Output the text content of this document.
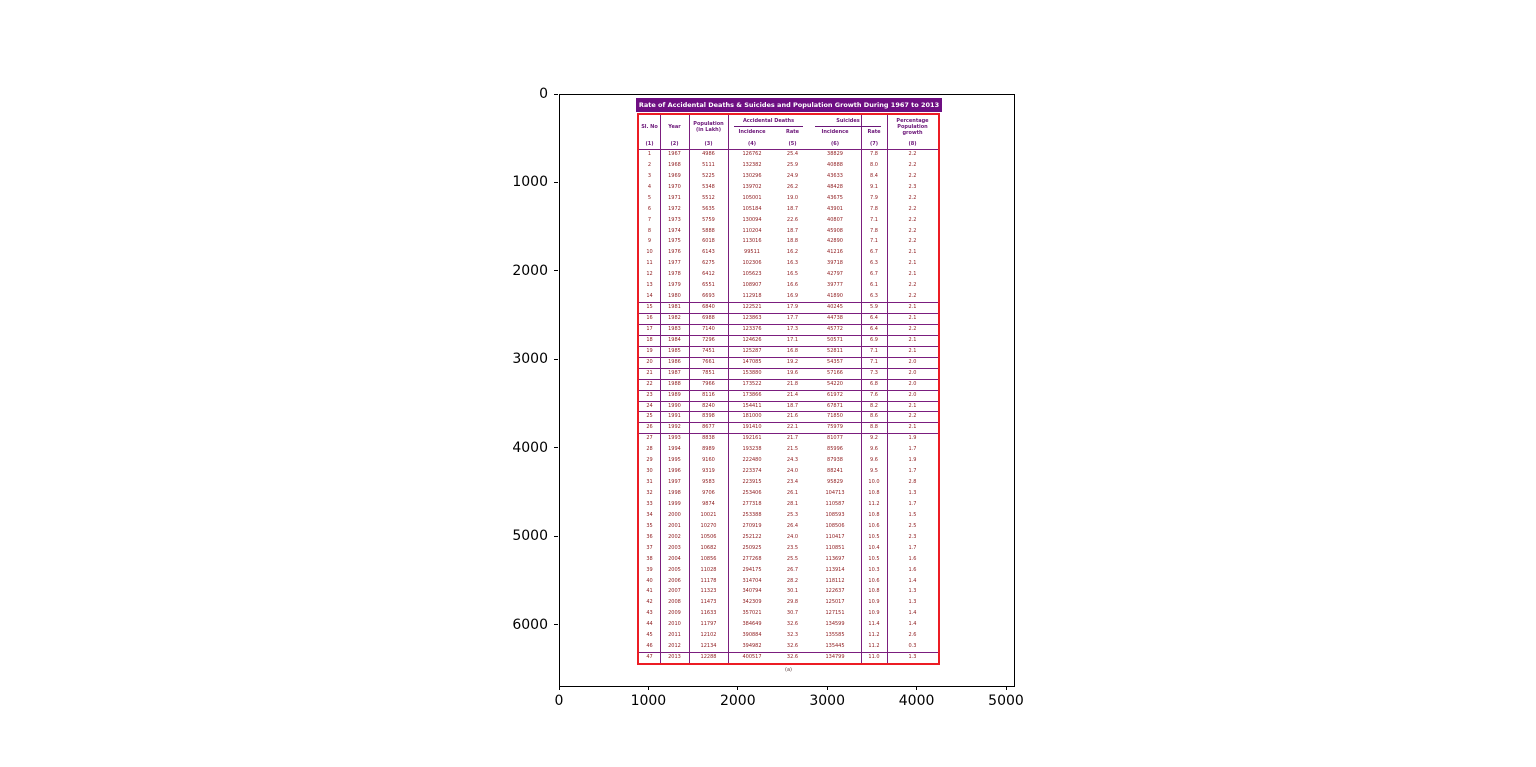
Rate of Accidental Deaths & Suicides and Population Growth During 1967 to 2013
Sl. No	Year	Population (in Lakh)
Accidental Deaths
Incidence	Rate
Suicides
Incidence	Rate
Percentage Population growth
(1)	(2)	(3)	(4)	(5)	(6)	(7)	(8)
1	1967	4986	126762	25.4	38829	7.8	2.2
2	1968	5111	132382	25.9	40888	8.0	2.2
3	1969	5225	130296	24.9	43633	8.4	2.2
4	1970	5348	139702	26.2	48428	9.1	2.3
5	1971	5512	105001	19.0	43675	7.9	2.2
6	1972	5635	105184	18.7	43901	7.8	2.2
7	1973	5759	130094	22.6	40807	7.1	2.2
8	1974	5888	110204	18.7	45908	7.8	2.2
9	1975	6018	113016	18.8	42890	7.1	2.2
10	1976	6143	99511	16.2	41216	6.7	2.1
11	1977	6275	102306	16.3	39718	6.3	2.1
12	1978	6412	105623	16.5	42797	6.7	2.1
13	1979	6551	108907	16.6	39777	6.1	2.2
14	1980	6693	112918	16.9	41890	6.3	2.2
15	1981	6840	122521	17.9	40245	5.9	2.1
16	1982	6988	123863	17.7	44738	6.4	2.1
17	1983	7140	123376	17.3	45772	6.4	2.2
18	1984	7296	124626	17.1	50571	6.9	2.1
19	1985	7451	125287	16.8	52811	7.1	2.1
20	1986	7661	147085	19.2	54357	7.1	2.0
21	1987	7851	153880	19.6	57166	7.3	2.0
22	1988	7966	173522	21.8	54220	6.8	2.0
23	1989	8116	173866	21.4	61972	7.6	2.0
24	1990	8240	154411	18.7	67871	8.2	2.1
25	1991	8398	181000	21.6	71850	8.6	2.2
26	1992	8677	191410	22.1	75979	8.8	2.1
27	1993	8838	192161	21.7	81077	9.2	1.9
28	1994	8989	193238	21.5	85996	9.6	1.7
29	1995	9160	222480	24.3	87938	9.6	1.9
30	1996	9319	223374	24.0	88241	9.5	1.7
31	1997	9583	223915	23.4	95829	10.0	2.8
32	1998	9706	253406	26.1	104713	10.8	1.3
33	1999	9874	277318	28.1	110587	11.2	1.7
34	2000	10021	253388	25.3	108593	10.8	1.5
35	2001	10270	270919	26.4	108506	10.6	2.5
36	2002	10506	252122	24.0	110417	10.5	2.3
37	2003	10682	250925	23.5	110851	10.4	1.7
38	2004	10856	277268	25.5	113697	10.5	1.6
39	2005	11028	294175	26.7	113914	10.3	1.6
40	2006	11178	314704	28.2	118112	10.6	1.4
41	2007	11323	340794	30.1	122637	10.8	1.3
42	2008	11473	342309	29.8	125017	10.9	1.3
43	2009	11633	357021	30.7	127151	10.9	1.4
44	2010	11797	384649	32.6	134599	11.4	1.4
45	2011	12102	390884	32.3	135585	11.2	2.6
46	2012	12134	394982	32.6	135445	11.2	0.3
47	2013	12288	400517	32.6	134799	11.0	1.3
(a)
0	1000	2000	3000	4000	5000
0
1000
2000
3000
4000
5000
6000
